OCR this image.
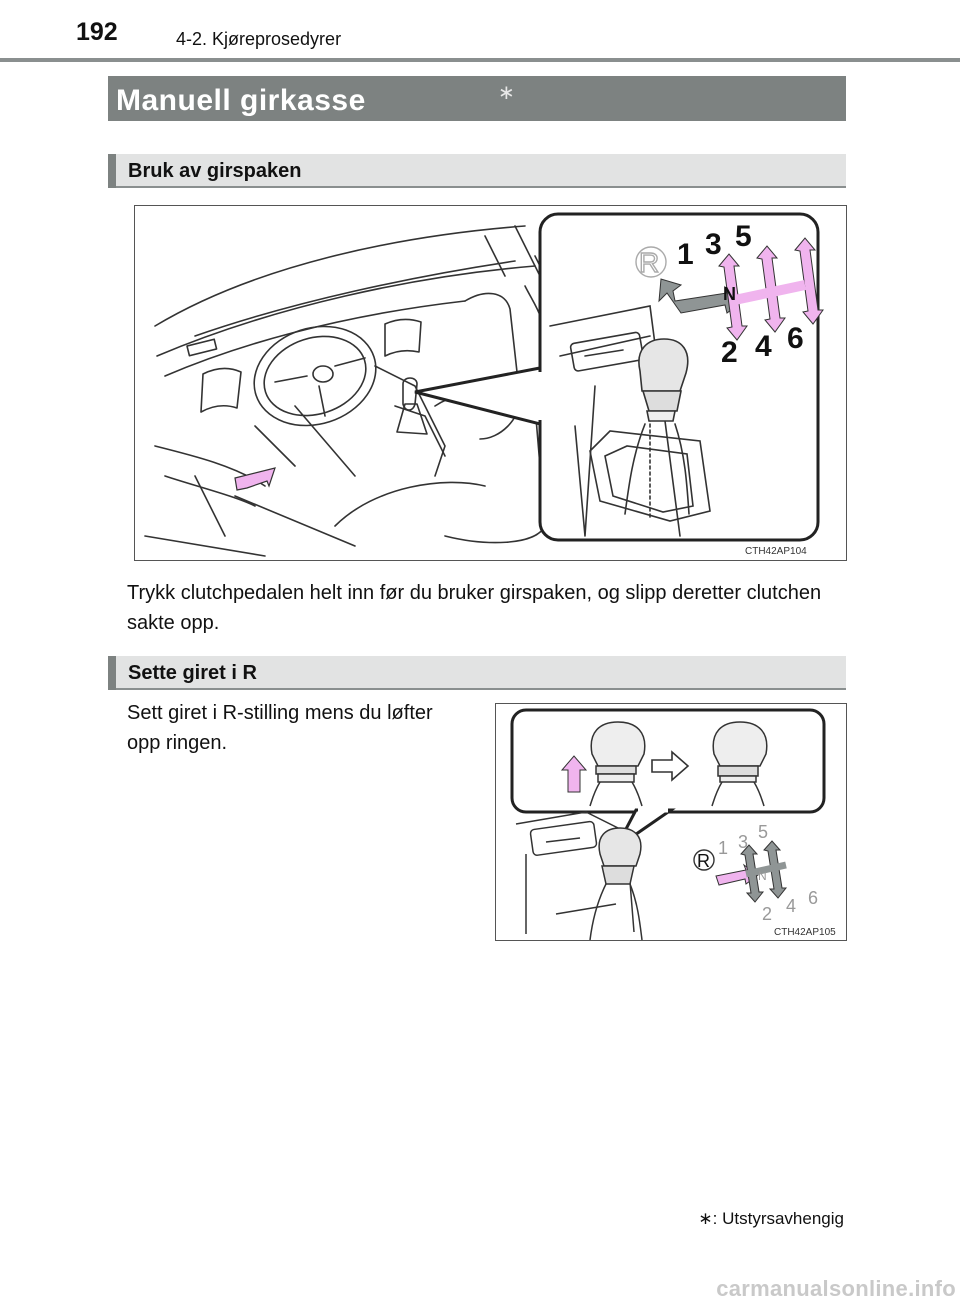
192	4-2. Kjøreprosedyrer
Manuell girkasse	∗
Bruk av girspaken
R 1 3 5
N
2 4 6
CTH42AP104
Trykk clutchpedalen helt inn før du bruker girspaken, og slipp deretter clutchen sakte opp.
Sette giret i R
Sett giret i R-stilling mens du løfter
opp ringen.
R
1 3 5
N
2 4 6
CTH42AP105
∗: Utstyrsavhengig
carmanualsonline.info
